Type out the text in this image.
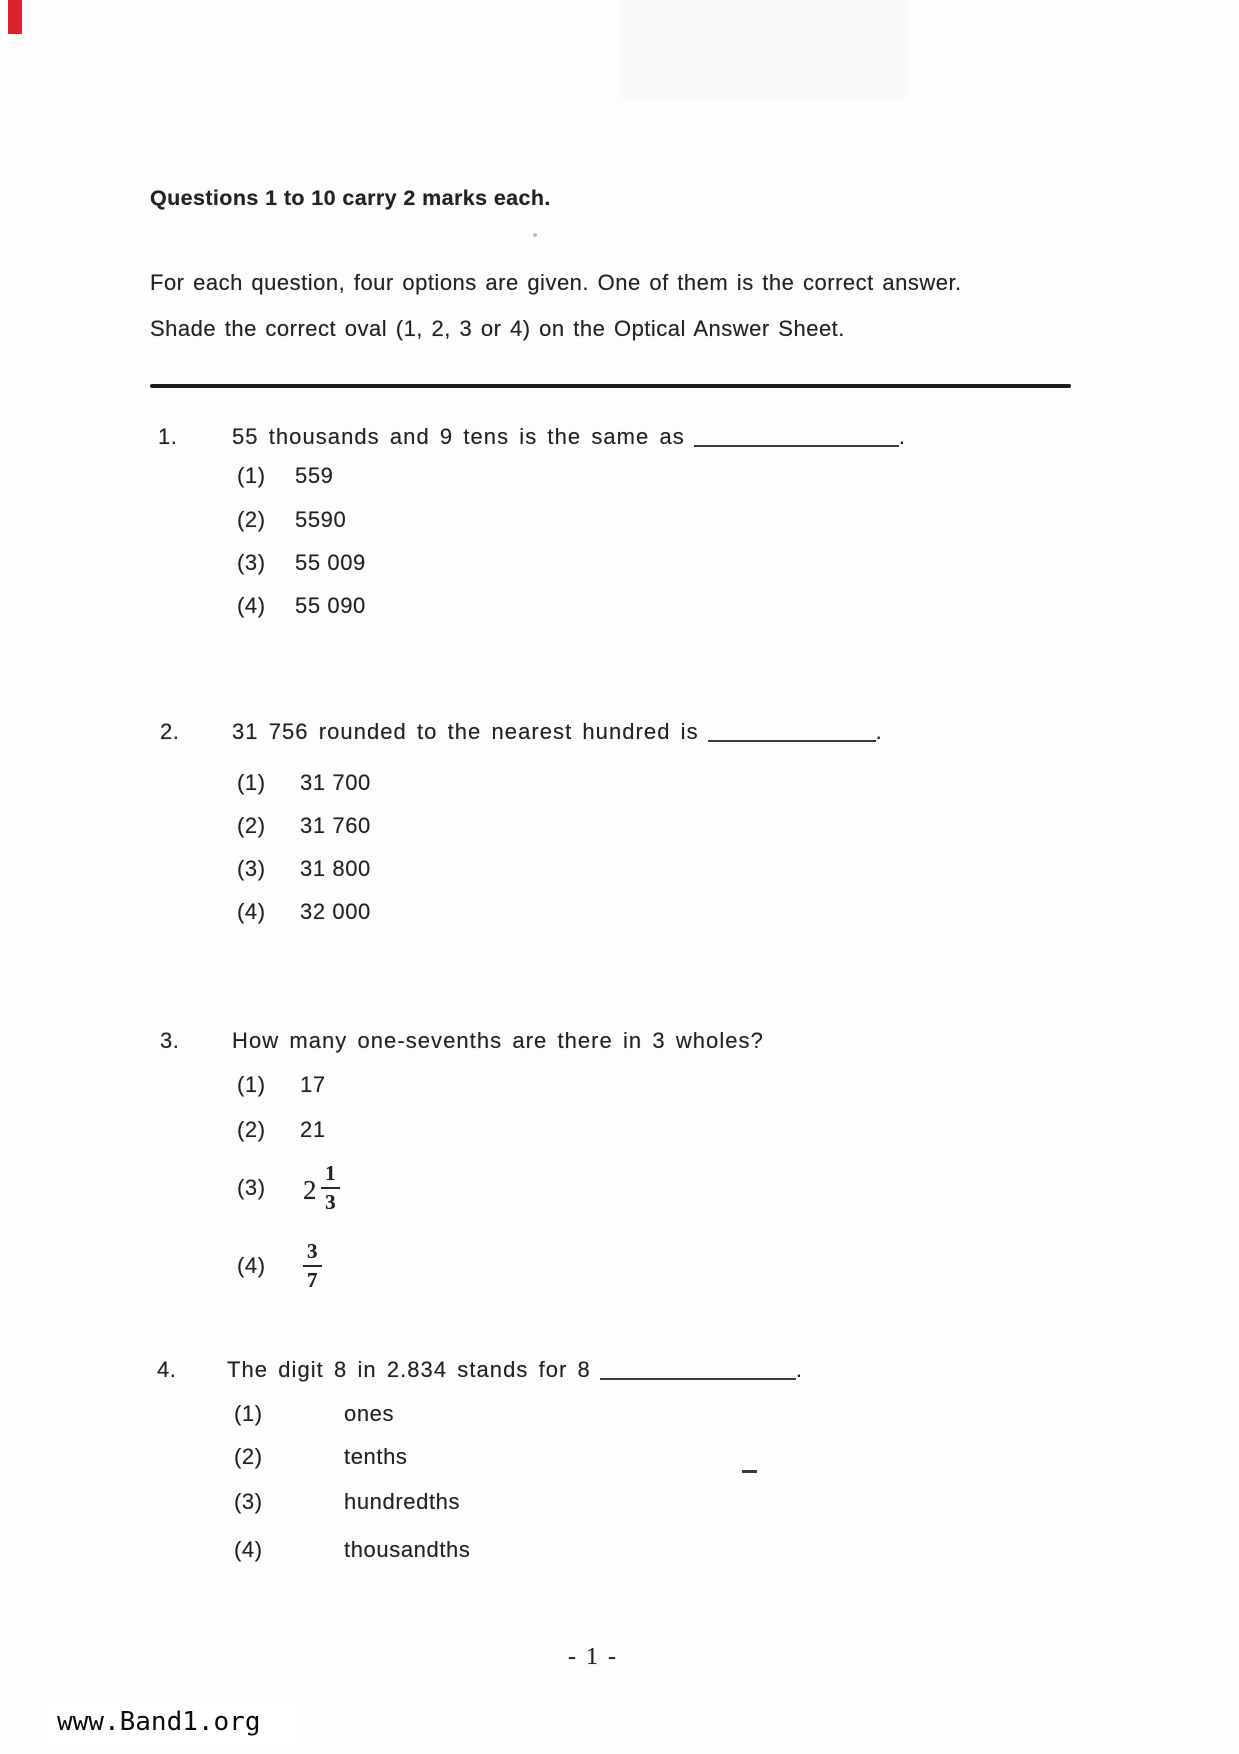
Questions 1 to 10 carry 2 marks each.
For each question, four options are given. One of them is the correct answer.
Shade the correct oval (1, 2, 3 or 4) on the Optical Answer Sheet.
1. 55 thousands and 9 tens is the same as	.
(1)	559
(2)	5590
(3)	55 009
(4)	55 090
2. 31 756 rounded to the nearest hundred is	.
(1)	31 700
(2)	31 760
(3)	31 800
(4)	32 000
3. How many one-sevenths are there in 3 wholes?
(1)	17
(2)	21
(3)	$2 \frac{1}{3}$
(4)	$\frac{3}{7}$
4. The digit 8 in 2.834 stands for 8	.
(1)	ones
(2)	tenths
(3)	hundredths
(4)	thousandths
- 1 -
www.Band1.org
